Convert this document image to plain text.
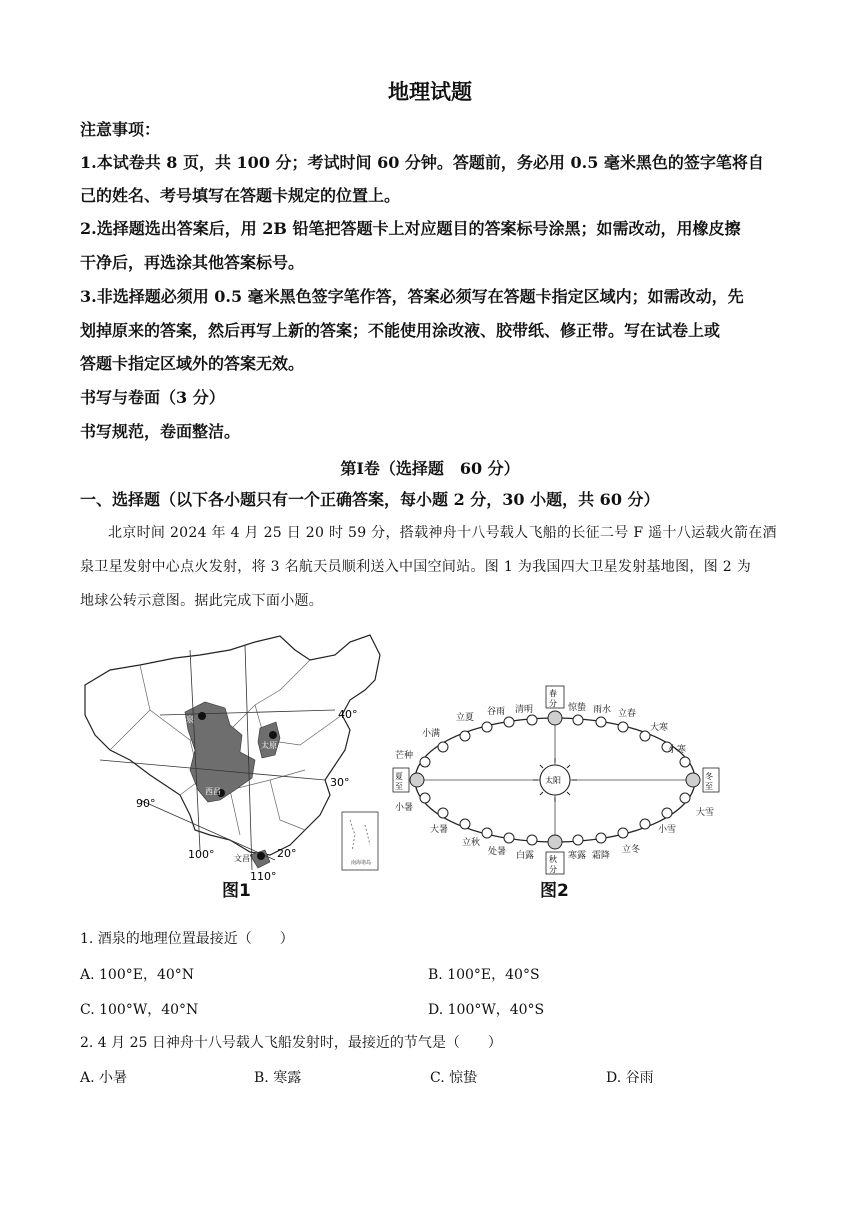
地理试题
注意事项：
1.本试卷共 8 页，共 100 分；考试时间 60 分钟。答题前，务必用 0.5 毫米黑色的签字笔将自
己的姓名、考号填写在答题卡规定的位置上。
2.选择题选出答案后，用 2B 铅笔把答题卡上对应题目的答案标号涂黑；如需改动，用橡皮擦
干净后，再选涂其他答案标号。
3.非选择题必须用 0.5 毫米黑色签字笔作答，答案必须写在答题卡指定区域内；如需改动，先
划掉原来的答案，然后再写上新的答案；不能使用涂改液、胶带纸、修正带。写在试卷上或
答题卡指定区域外的答案无效。
书写与卷面（3 分）
书写规范，卷面整洁。
第Ⅰ卷（选择题　60 分）
一、选择题（以下各小题只有一个正确答案，每小题 2 分，30 小题，共 60 分）
北京时间 2024 年 4 月 25 日 20 时 59 分，搭载神舟十八号载人飞船的长征二号 F 遥十八运载火箭在酒
泉卫星发射中心点火发射，将 3 名航天员顺利送入中国空间站。图 1 为我国四大卫星发射基地图，图 2 为
地球公转示意图。据此完成下面小题。
南海诸岛
酒泉
太原
西昌
文昌
40°
30°
20°
90°
100°
110°
图1
太阳
春
分
秋
分
夏
至
冬
至
惊蛰 雨水 立春
大寒
小寒
大雪
小雪
立冬
霜降
寒露
白露
处暑
立秋
大暑
小暑
芒种
小满
立夏
谷雨 清明
图2
1. 酒泉的地理位置最接近（　　）
A. 100°E，40°N	B. 100°E，40°S
C. 100°W，40°N	D. 100°W，40°S
2. 4 月 25 日神舟十八号载人飞船发射时，最接近的节气是（　　）
A. 小暑	B. 寒露	C. 惊蛰	D. 谷雨
